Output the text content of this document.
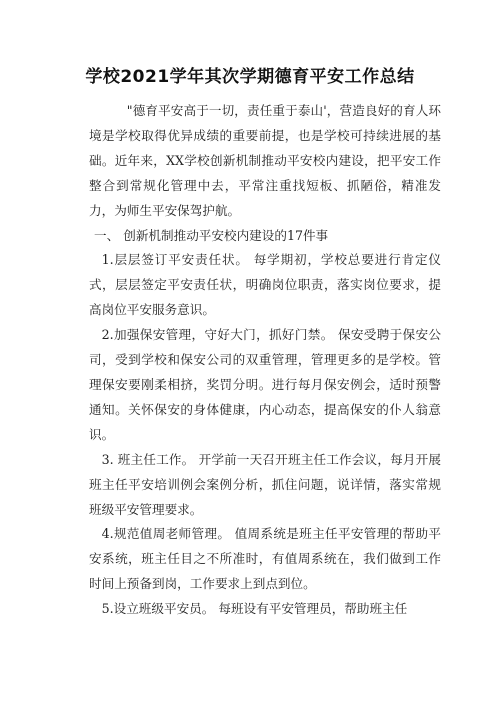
学校2021学年其次学期德育平安工作总结

"德育平安高于一切，责任重于泰山'，营造良好的育人环境是学校取得优异成绩的重要前提，也是学校可持续进展的基础。近年来，XX学校创新机制推动平安校内建设，把平安工作整合到常规化管理中去，平常注重找短板、抓陋俗，精准发力，为师生平安保驾护航。

一、 创新机制推动平安校内建设的17件事

1.层层签订平安责任状。 每学期初，学校总要进行肯定仪式，层层签定平安责任状，明确岗位职责，落实岗位要求，提高岗位平安服务意识。

2.加强保安管理，守好大门，抓好门禁。 保安受聘于保安公司，受到学校和保安公司的双重管理，管理更多的是学校。管理保安要刚柔相挤，奖罚分明。进行每月保安例会，适时预警通知。关怀保安的身体健康，内心动态，提高保安的仆人翁意识。

3. 班主任工作。 开学前一天召开班主任工作会议，每月开展班主任平安培训例会案例分析，抓住问题，说详情，落实常规班级平安管理要求。

4.规范值周老师管理。 值周系统是班主任平安管理的帮助平安系统，班主任目之不所准时，有值周系统在，我们做到工作时间上预备到岗，工作要求上到点到位。

5.设立班级平安员。 每班设有平安管理员，帮助班主任
